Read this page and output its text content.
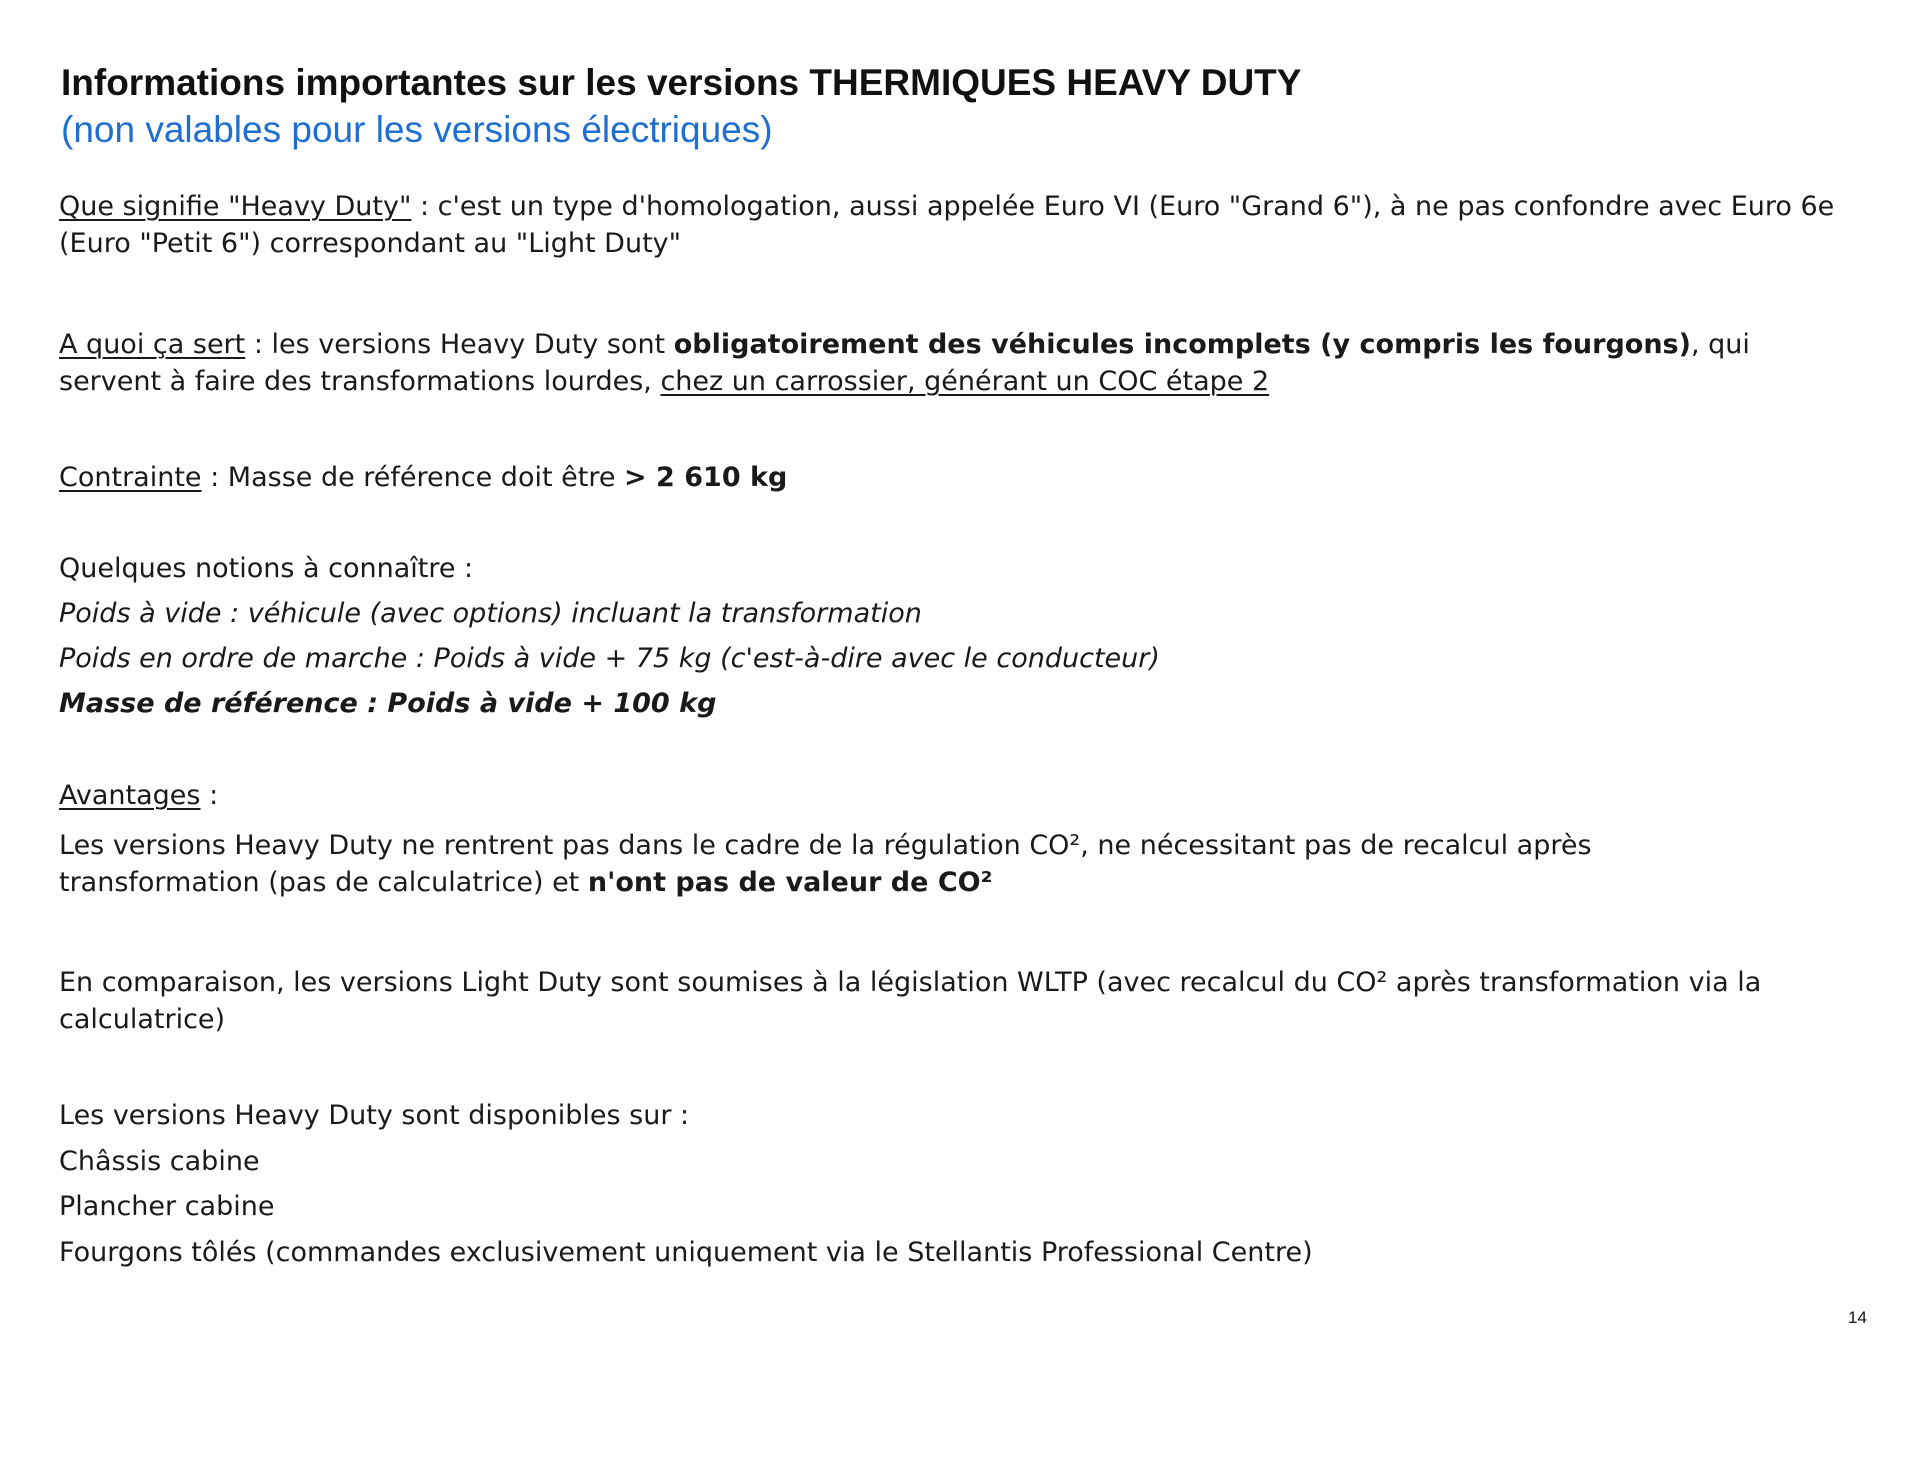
Informations importantes sur les versions THERMIQUES HEAVY DUTY
(non valables pour les versions électriques)
Que signifie "Heavy Duty" : c'est un type d'homologation, aussi appelée Euro VI (Euro "Grand 6"), à ne pas confondre avec Euro 6e (Euro "Petit 6") correspondant au "Light Duty"
A quoi ça sert : les versions Heavy Duty sont obligatoirement des véhicules incomplets (y compris les fourgons), qui servent à faire des transformations lourdes, chez un carrossier, générant un COC étape 2
Contrainte : Masse de référence doit être > 2 610 kg
Quelques notions à connaître :
Poids à vide : véhicule (avec options) incluant la transformation
Poids en ordre de marche : Poids à vide + 75 kg (c'est-à-dire avec le conducteur)
Masse de référence : Poids à vide + 100 kg
Avantages :
Les versions Heavy Duty ne rentrent pas dans le cadre de la régulation CO², ne nécessitant pas de recalcul après transformation (pas de calculatrice) et n'ont pas de valeur de CO²
En comparaison, les versions Light Duty sont soumises à la législation WLTP (avec recalcul du CO² après transformation via la calculatrice)
Les versions Heavy Duty sont disponibles sur :
Châssis cabine
Plancher cabine
Fourgons tôlés (commandes exclusivement uniquement via le Stellantis Professional Centre)
14
